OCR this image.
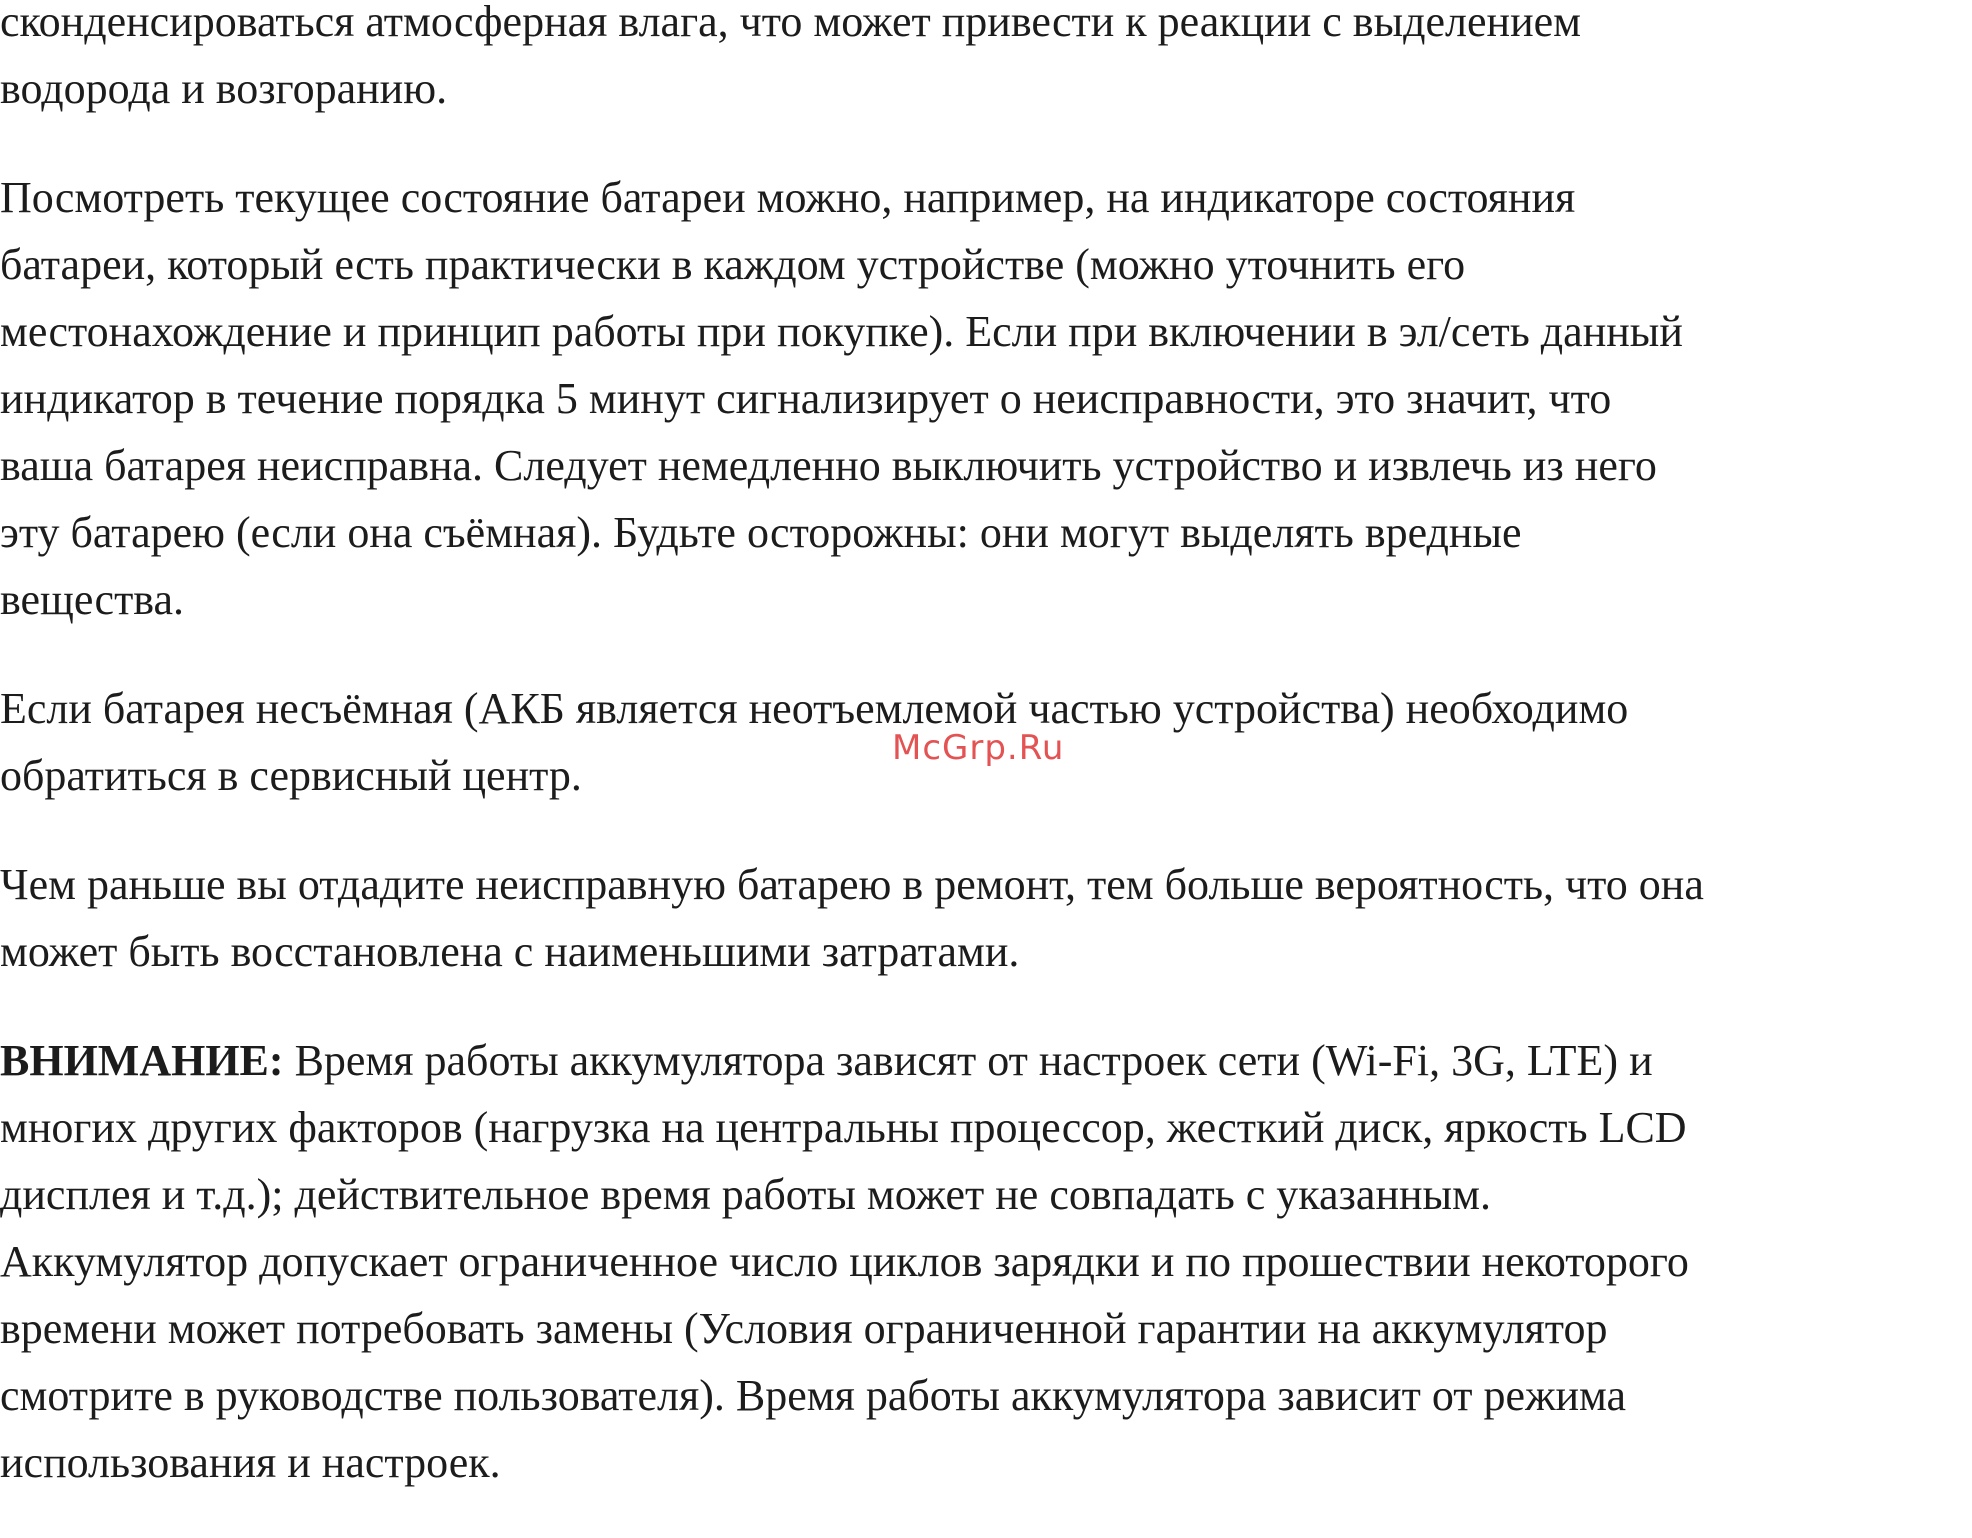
сконденсироваться атмосферная влага, что может привести к реакции с выделением
водорода и возгоранию.

Посмотреть текущее состояние батареи можно, например, на индикаторе состояния
батареи, который есть практически в каждом устройстве (можно уточнить его
местонахождение и принцип работы при покупке). Если при включении в эл/сеть данный
индикатор в течение порядка 5 минут сигнализирует о неисправности, это значит, что
ваша батарея неисправна. Следует немедленно выключить устройство и извлечь из него
эту батарею (если она съёмная). Будьте осторожны: они могут выделять вредные
вещества.

Если батарея несъёмная (АКБ является неотъемлемой частью устройства) необходимо
обратиться в сервисный центр.

Чем раньше вы отдадите неисправную батарею в ремонт, тем больше вероятность, что она
может быть восстановлена с наименьшими затратами.

ВНИМАНИЕ: Время работы аккумулятора зависят от настроек сети (Wi-Fi, 3G, LTE) и
многих других факторов (нагрузка на центральны процессор, жесткий диск, яркость LCD
дисплея и т.д.); действительное время работы может не совпадать с указанным.
Аккумулятор допускает ограниченное число циклов зарядки и по прошествии некоторого
времени может потребовать замены (Условия ограниченной гарантии на аккумулятор
смотрите в руководстве пользователя). Время работы аккумулятора зависит от режима
использования и настроек.

McGrp.Ru
